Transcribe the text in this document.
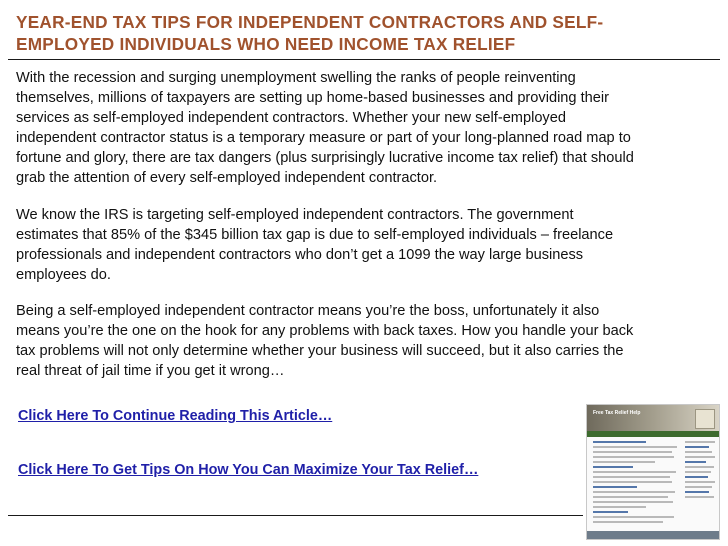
YEAR-END TAX TIPS FOR INDEPENDENT CONTRACTORS AND SELF-
EMPLOYED INDIVIDUALS WHO NEED INCOME TAX RELIEF
With the recession and surging unemployment swelling the ranks of people reinventing
themselves, millions of taxpayers are setting up home-based businesses and providing their
services as self-employed independent contractors. Whether your new self-employed
independent contractor status is a temporary measure or part of your long-planned road map to
fortune and glory, there are tax dangers (plus surprisingly lucrative income tax relief) that should
grab the attention of every self-employed independent contractor.
We know the IRS is targeting self-employed independent contractors. The government
estimates that 85% of the $345 billion tax gap is due to self-employed individuals – freelance
professionals and independent contractors who don’t get a 1099 the way large business
employees do.
Being a self-employed independent contractor means you’re the boss, unfortunately it also
means you’re the one on the hook for any problems with back taxes. How you handle your back
tax problems will not only determine whether your business will succeed, but it also carries the
real threat of jail time if you get it wrong…
Click Here To Continue Reading This Article…
Click Here To Get Tips On How You Can Maximize Your Tax Relief…
Free Tax Relief Help
